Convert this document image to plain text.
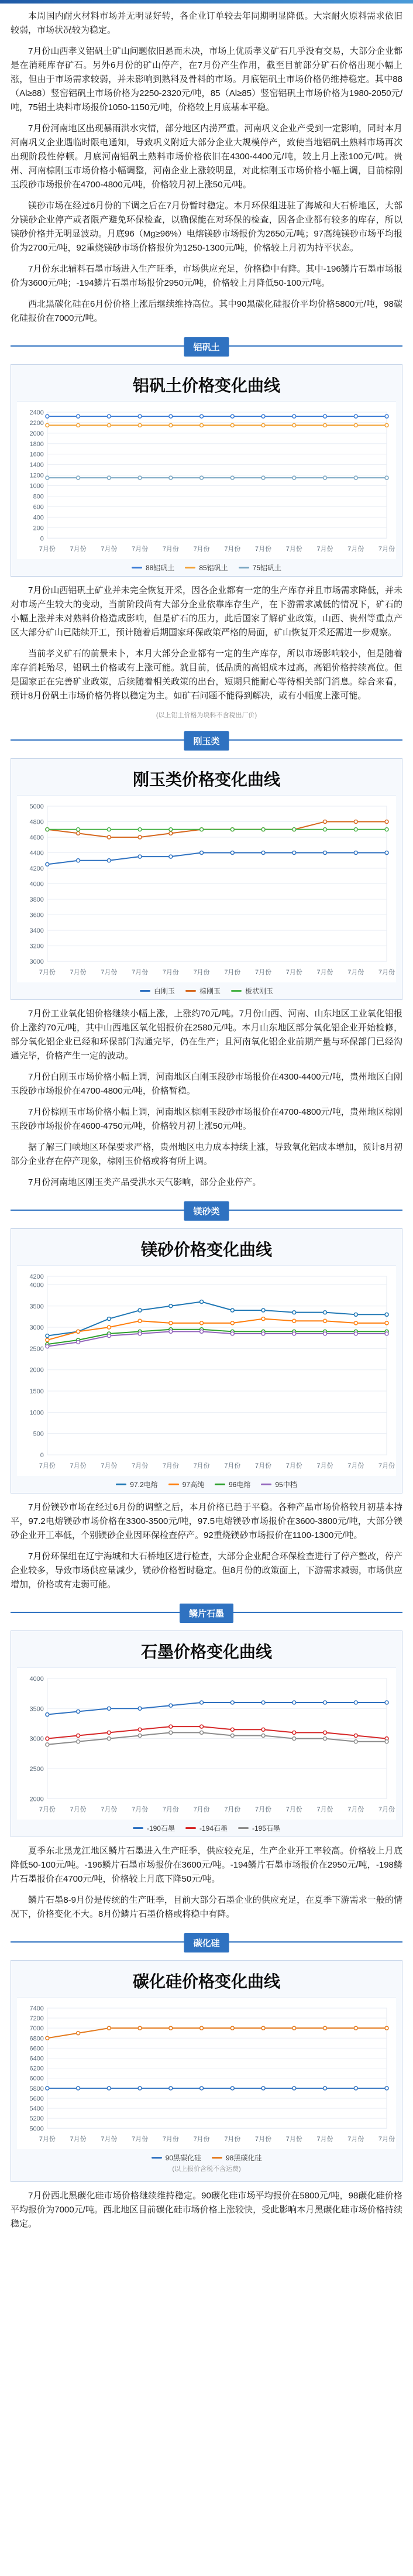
本周国内耐火材料市场并无明显好转，各企业订单较去年同期明显降低。大宗耐火原料需求依旧较弱，市场状况较为稳定。

7月份山西孝义铝矾土矿山问题依旧悬而未决，市场上优质孝义矿石几乎没有交易，大部分企业都是在消耗库存矿石。另外6月份的矿山停产，在7月份产生作用，截至目前部分矿石价格出现小幅上涨，但由于市场需求较弱，并未影响到熟料及骨料的市场。月底铝矾土市场价格仍维持稳定。其中88（Al≥88）竖窑铝矾土市场价格为2250-2320元/吨，85（Al≥85）竖窑铝矾土市场价格为1980-2050元/吨，75铝土块料市场报价1050-1150元/吨，价格较上月底基本平稳。

7月份河南地区出现暴雨洪水灾情，部分地区内涝严重。河南巩义企业产受到一定影响，同时本月河南巩义企业遇临时限电通知，导致巩义附近大部分企业大规模停产，致使当地铝矾土熟料市场再次出现阶段性停顿。月底河南铝矾土熟料市场价格依旧在4300-4400元/吨，较上月上涨100元/吨。贵州、河南棕刚玉市场价格小幅调整，河南企业上涨较明显，对此棕刚玉市场价格小幅上调，目前棕刚玉段砂市场报价在4700-4800元/吨，价格较月初上涨50元/吨。

镁砂市场在经过6月份的下调之后在7月份暂时稳定。本月环保组进驻了海城和大石桥地区，大部分镁砂企业停产或者限产避免环保检查，以确保能在对环保的检查，因各企业都有较多的库存，所以镁砂价格并无明显波动。月底96（Mg≥96%）电熔镁砂市场报价为2650元/吨；97高纯镁砂市场平均报价为2700元/吨，92重烧镁砂市场价格报价为1250-1300元/吨，价格较上月初为持平状态。

7月份东北辅料石墨市场进入生产旺季，市场供应充足，价格稳中有降。其中-196鳞片石墨市场报价为3600元/吨；-194鳞片石墨市场报价2950元/吨，价格较上月降低50-100元/吨。

西北黑碳化硅在6月份价格上涨后继续维持高位。其中90黑碳化硅报价平均价格5800元/吨，98碳化硅报价在7000元/吨。

铝矾土
铝矾土价格变化曲线
0
200
400
600
800
1000
1200
1400
1600
1800
2000
2200
2400
7月份 7月份 7月份 7月份 7月份 7月份 7月份 7月份 7月份 7月份 7月份 7月份
88铝矾土	85铝矾土	75铝矾土

7月份山西铝矾土矿业并未完全恢复开采，因各企业都有一定的生产库存并且市场需求降低，并未对市场产生较大的变动，当前阶段尚有大部分企业依靠库存生产，在下游需求减低的情况下，矿石的小幅上涨并未对熟料价格造成影响，但是矿石的压力，此后国家了解矿业政策，山西、贵州等重点产区大部分矿山已陆续开工，预计随着后期国家环保政策严格的局面，矿山恢复开采还需进一步观察。

当前孝义矿石的前景未卜，本月大部分企业都有一定的生产库存，所以市场影响较小，但是随着库存消耗殆尽，铝矾土价格或有上涨可能。就目前，低品质的高铝成本过高，高铝价格持续高位。但是国家正在完善矿业政策，后续随着相关政策的出台，短期只能耐心等待相关部门消息。综合来看，预计8月份矾土市场价格仍将以稳定为主。如矿石问题不能得到解决，或有小幅度上涨可能。

(以上铝土价格为块料不含税出厂价)
刚玉类
刚玉类价格变化曲线
3000
3200
3400
3600
3800
4000
4200
4400
4600
4800
5000
7月份 7月份 7月份 7月份 7月份 7月份 7月份 7月份 7月份 7月份 7月份 7月份
白刚玉	棕刚玉	板状刚玉

7月份工业氧化铝价格继续小幅上涨，上涨约70元/吨。7月份山西、河南、山东地区工业氧化铝报价上涨约70元/吨，其中山西地区氧化铝报价在2580元/吨。本月山东地区部分氧化铝企业开始检修，部分氧化铝企业已经和环保部门沟通完毕，仍在生产；且河南氧化铝企业前期产量与环保部门已经沟通完毕，价格产生一定的波动。

7月份白刚玉市场价格小幅上调，河南地区白刚玉段砂市场报价在4300-4400元/吨，贵州地区白刚玉段砂市场报价在4700-4800元/吨，价格暂稳。

7月份棕刚玉市场价格小幅上调，河南地区棕刚玉段砂市场报价在4700-4800元/吨，贵州地区棕刚玉段砂市场报价在4600-4750元/吨，价格较月初上涨50元/吨。

据了解三门峡地区环保要求严格，贵州地区电力成本持续上涨，导致氧化铝成本增加，预计8月初部分企业存在停产现象，棕刚玉价格或将有所上调。

7月份河南地区刚玉类产品受洪水天气影响，部分企业停产。

镁砂类
镁砂价格变化曲线
0
500
1000
1500
2000
2500
3000
3500
4000
4200
7月份 7月份 7月份 7月份 7月份 7月份 7月份 7月份 7月份 7月份 7月份 7月份
97.2电熔	97高纯	96电熔	95中档

7月份镁砂市场在经过6月份的调整之后，本月价格已趋于平稳。各种产品市场价格较月初基本持平，97.2电熔镁砂市场价格在3300-3500元/吨，97.5电熔镁砂市场报价在3600-3800元/吨，大部分镁砂企业开工率低，个别镁砂企业因环保检查停产。92重烧镁砂市场报价在1100-1300元/吨。

7月份环保组在辽宁海城和大石桥地区进行检查，大部分企业配合环保检查进行了停产整改，停产企业较多，导致市场供应量减少，镁砂价格暂时稳定。但8月份的政策面上，下游需求减弱，市场供应增加，价格或有走弱可能。

鳞片石墨
石墨价格变化曲线
2000
2500
3000
3500
4000
7月份 7月份 7月份 7月份 7月份 7月份 7月份 7月份 7月份 7月份 7月份 7月份
-190石墨	-194石墨	-195石墨

夏季东北黑龙江地区鳞片石墨进入生产旺季，供应较充足，生产企业开工率较高。价格较上月底降低50-100元/吨。-196鳞片石墨市场报价在3600元/吨。-194鳞片石墨市场报价在2950元/吨，-198鳞片石墨报价在4700元/吨，价格较上月底下降50元/吨。

鳞片石墨8-9月份是传统的生产旺季，目前大部分石墨企业的供应充足，在夏季下游需求一般的情况下，价格变化不大。8月份鳞片石墨价格或将稳中有降。

碳化硅
碳化硅价格变化曲线
5000
5200
5400
5600
5800
6000
6200
6400
6600
6800
7000
7200
7400
7月份 7月份 7月份 7月份 7月份 7月份 7月份 7月份 7月份 7月份 7月份 7月份
90黑碳化硅	98黑碳化硅
(以上报价含税不含运费)

7月份西北黑碳化硅市场价格继续维持稳定。90碳化硅市场平均报价在5800元/吨，98碳化硅价格平均报价为7000元/吨。西北地区目前碳化硅市场价格上涨较快，受此影响本月黑碳化硅市场价格持续稳定。
